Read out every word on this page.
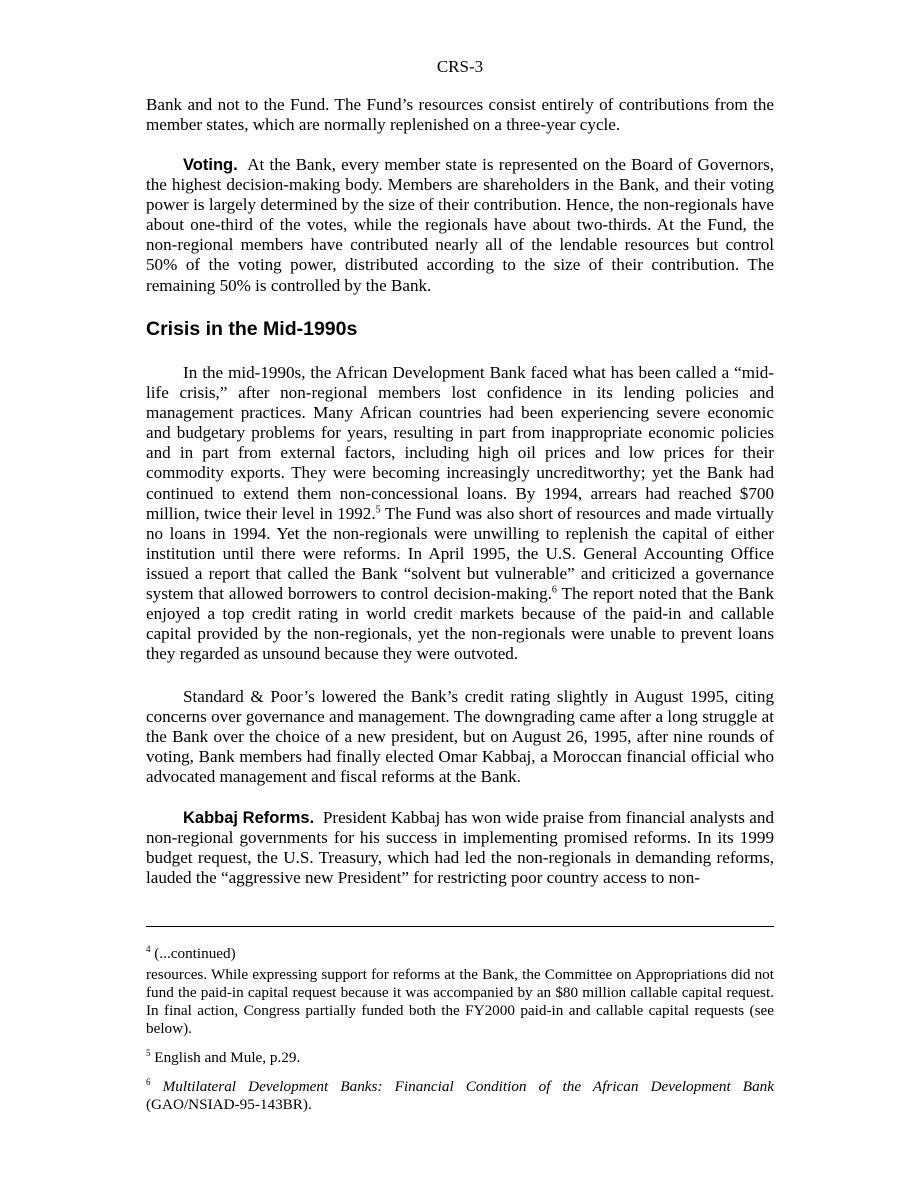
CRS-3

Bank and not to the Fund. The Fund’s resources consist entirely of contributions from the member states, which are normally replenished on a three-year cycle.

Voting. At the Bank, every member state is represented on the Board of Governors, the highest decision-making body. Members are shareholders in the Bank, and their voting power is largely determined by the size of their contribution. Hence, the non-regionals have about one-third of the votes, while the regionals have about two-thirds. At the Fund, the non-regional members have contributed nearly all of the lendable resources but control 50% of the voting power, distributed according to the size of their contribution. The remaining 50% is controlled by the Bank.

Crisis in the Mid-1990s

In the mid-1990s, the African Development Bank faced what has been called a “mid-life crisis,” after non-regional members lost confidence in its lending policies and management practices. Many African countries had been experiencing severe economic and budgetary problems for years, resulting in part from inappropriate economic policies and in part from external factors, including high oil prices and low prices for their commodity exports. They were becoming increasingly uncreditworthy; yet the Bank had continued to extend them non-concessional loans. By 1994, arrears had reached $700 million, twice their level in 1992.$^5$ The Fund was also short of resources and made virtually no loans in 1994. Yet the non-regionals were unwilling to replenish the capital of either institution until there were reforms. In April 1995, the U.S. General Accounting Office issued a report that called the Bank “solvent but vulnerable” and criticized a governance system that allowed borrowers to control decision-making.$^6$ The report noted that the Bank enjoyed a top credit rating in world credit markets because of the paid-in and callable capital provided by the non-regionals, yet the non-regionals were unable to prevent loans they regarded as unsound because they were outvoted.

Standard & Poor’s lowered the Bank’s credit rating slightly in August 1995, citing concerns over governance and management. The downgrading came after a long struggle at the Bank over the choice of a new president, but on August 26, 1995, after nine rounds of voting, Bank members had finally elected Omar Kabbaj, a Moroccan financial official who advocated management and fiscal reforms at the Bank.

Kabbaj Reforms. President Kabbaj has won wide praise from financial analysts and non-regional governments for his success in implementing promised reforms. In its 1999 budget request, the U.S. Treasury, which had led the non-regionals in demanding reforms, lauded the “aggressive new President” for restricting poor country access to non-

$^4$ (...continued)

resources. While expressing support for reforms at the Bank, the Committee on Appropriations did not fund the paid-in capital request because it was accompanied by an $80 million callable capital request. In final action, Congress partially funded both the FY2000 paid-in and callable capital requests (see below).

$^5$ English and Mule, p.29.

$^6$ Multilateral Development Banks: Financial Condition of the African Development Bank (GAO/NSIAD-95-143BR).
